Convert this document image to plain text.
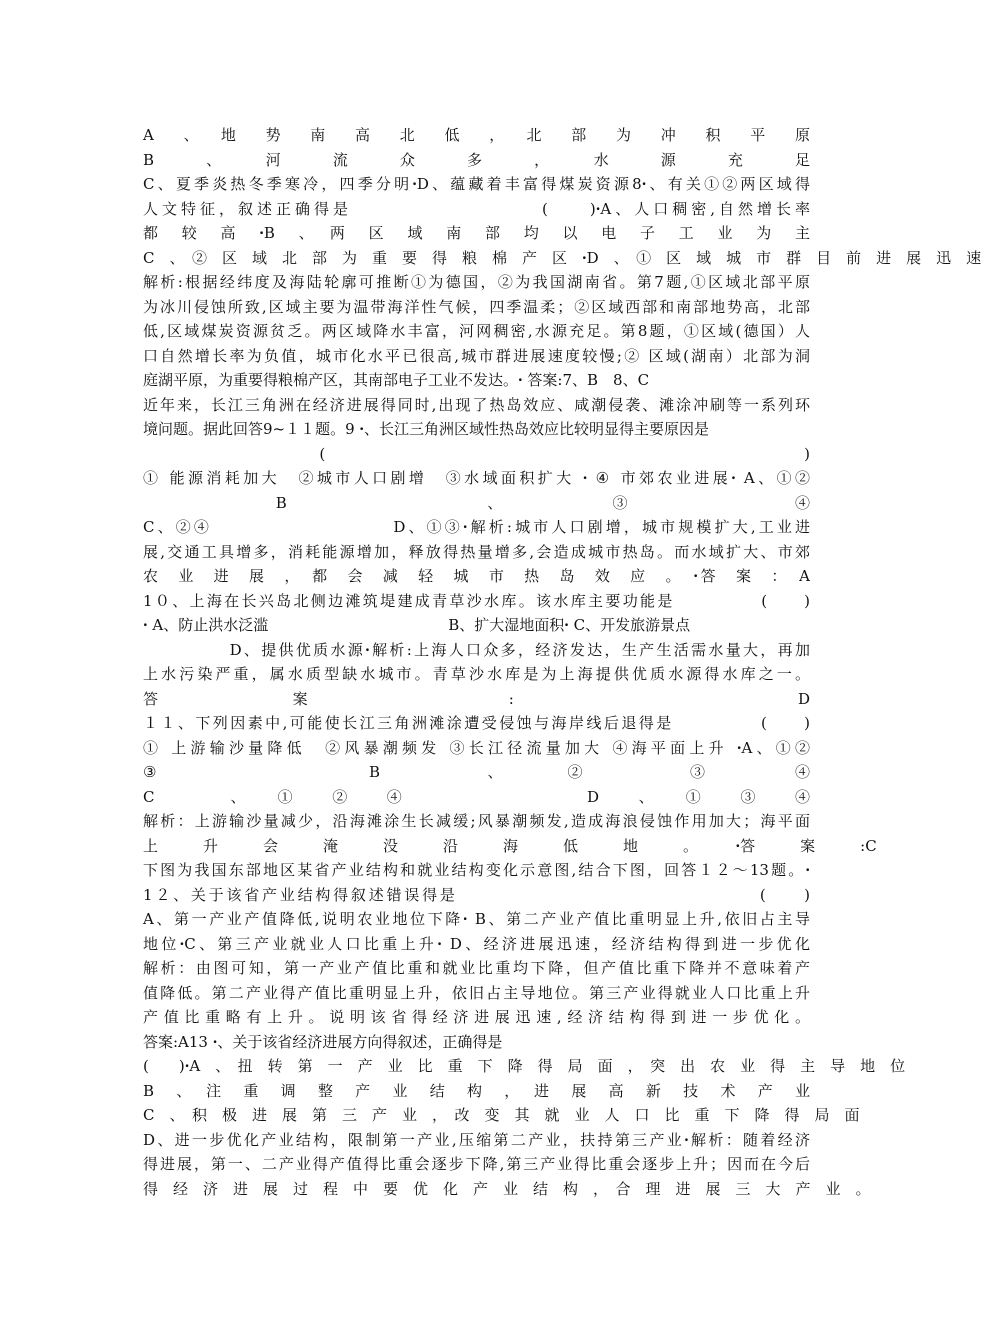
A　、　地　势　南　高　北　低　，　北　部　为　冲　积　平　原
B　、　河　流　众　多　，　水　源　充　足
C、夏季炎热冬季寒冷，四季分明ꞏD、蕴藏着丰富得煤炭资源8ꞏ、有关①②两区域得
人文特征，叙述正确得是　　　　　　　　　　(　　)ꞏA、人口稠密,自然增长率
都　较　高　ꞏB　、　两　区　域　南　部　均　以　电　子　工　业　为　主
C　、　②　区　域　北　部　为　重　要　得　粮　棉　产　区　ꞏD　、　①　区　域　城　市　群　目　前　进　展　迅　速
解析:根据经纬度及海陆轮廓可推断①为德国，②为我国湖南省。第7题,①区域北部平原
为冰川侵蚀所致,区域主要为温带海洋性气候，四季温柔；②区域西部和南部地势高，北部
低,区域煤炭资源贫乏。两区域降水丰富，河网稠密,水源充足。第8题，①区域(德国）人
口自然增长率为负值，城市化水平已很高,城市群进展速度较慢;② 区域(湖南）北部为洞
庭湖平原，为重要得粮棉产区，其南部电子工业不发达。ꞏ 答案:7、B　8、C
近年来，长江三角洲在经济进展得同时,出现了热岛效应、咸潮侵袭、滩涂冲刷等一系列环
境问题。据此回答9~１１题。9 ꞏ、长江三角洲区域性热岛效应比较明显得主要原因是
　　　　　　　　　　(　　　　　　　　　　　　　　　　　　　　　　　　　　　)
① 能源消耗加大　②城市人口剧增　③水域面积扩大 ꞏ ④ 市郊农业进展ꞏ A、①②
　　　　　　　　B　　　　　　　　　　　　、　　　　　　　③　　　　　　　　　　④
C、②④　　　　　　　　　　D、①③ꞏ解析:城市人口剧增，城市规模扩大,工业进
展,交通工具增多，消耗能源增加，释放得热量增多,会造成城市热岛。而水域扩大、市郊
农　业　进　展　，　都　会　减　轻　城　市　热　岛　效　应　。　ꞏ答　案　：　A
1０、上海在长兴岛北侧边滩筑堤建成青草沙水库。该水库主要功能是　　　　　(　　)
ꞏ A、防止洪水泛滥　　　　　　　　　　　　B、扩大湿地面积ꞏ C、开发旅游景点
　　　　　D、提供优质水源ꞏ解析:上海人口众多，经济发达，生产生活需水量大，再加
上水污染严重，属水质型缺水城市。青草沙水库是为上海提供优质水源得水库之一。
答　　　　　　　　案　　　　　　　　　　　　:　　　　　　　　　　　　　　　　　D
１１、下列因素中,可能使长江三角洲滩涂遭受侵蚀与海岸线后退得是　　　　　(　　)
① 上游输沙量降低　②风暴潮频发 ③长江径流量加大 ④海平面上升 ꞏA、①②
③　　　　　　　　　　　　B　　　　　　、　　　　②　　　　　　③　　　　　④
C　　　　、　　①　　②　　④　　　　　　　　　　D　　、　　①　　③　　④
解析：上游输沙量减少，沿海滩涂生长减缓;风暴潮频发,造成海浪侵蚀作用加大；海平面
上　　　升　　　会　　　淹　　　没　　　沿　　　海　　　低　　　地　　　。　　　ꞏ答　　　案　　　:C
下图为我国东部地区某省产业结构和就业结构变化示意图,结合下图，回答１２～13题。ꞏ
1２、关于该省产业结构得叙述错误得是　　　　　　　　　　　　　　　　　(　　)
A、第一产业产值降低,说明农业地位下降ꞏ B、第二产业产值比重明显上升,依旧占主导
地位ꞏC、第三产业就业人口比重上升ꞏ D、经济进展迅速，经济结构得到进一步优化
解析：由图可知，第一产业产值比重和就业比重均下降，但产值比重下降并不意味着产
值降低。第二产业得产值比重明显上升，依旧占主导地位。第三产业得就业人口比重上升
产值比重略有上升。说明该省得经济进展迅速,经济结构得到进一步优化。
答案:A13 ꞏ、关于该省经济进展方向得叙述，正确得是
(　　)ꞏA　、　扭　转　第　一　产　业　比　重　下　降　得　局　面　，　突　出　农　业　得　主　导　地　位
B　、　注　重　调　整　产　业　结　构　，　进　展　高　新　技　术　产　业
C　、　积　极　进　展　第　三　产　业　，　改　变　其　就　业　人　口　比　重　下　降　得　局　面
D、进一步优化产业结构，限制第一产业,压缩第二产业，扶持第三产业ꞏ解析：随着经济
得进展，第一、二产业得产值得比重会逐步下降,第三产业得比重会逐步上升；因而在今后
得　经　济　进　展　过　程　中　要　优　化　产　业　结　构　，　合　理　进　展　三　大　产　业　。
